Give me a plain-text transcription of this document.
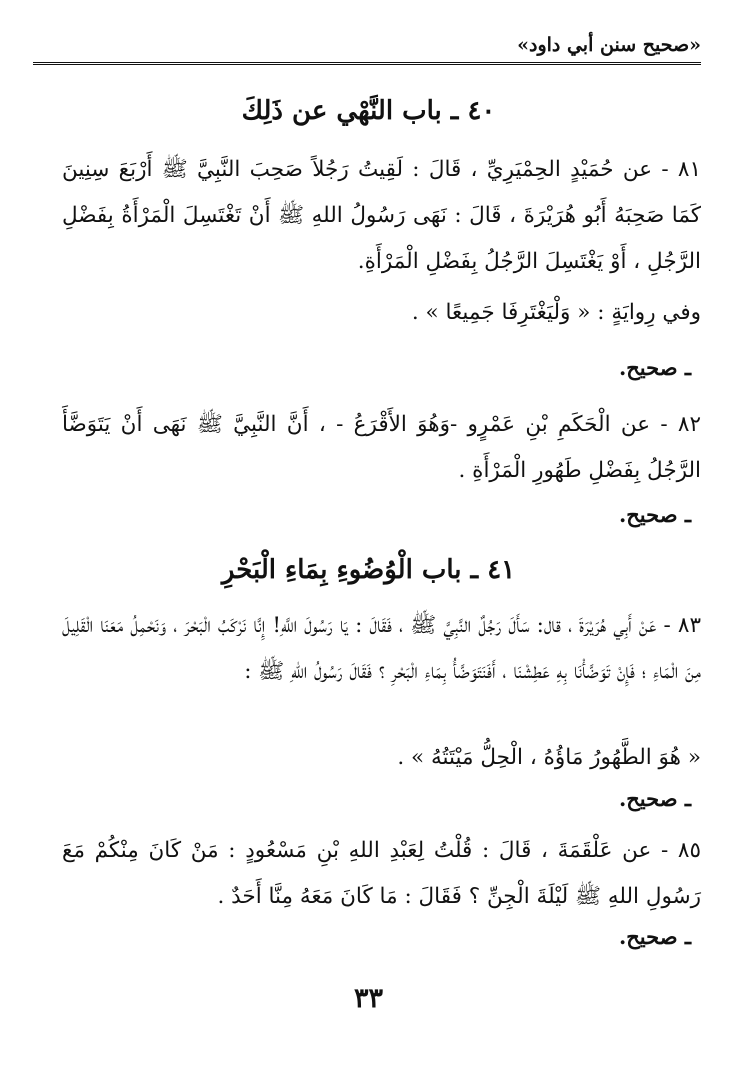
«صحيح سنن أبي داود»
٤٠ ـ باب النَّهْي عن ذَلِكَ
٨١ - عن حُمَيْدٍ الحِمْيَرِيِّ ، قَالَ : لَقِيتُ رَجُلاً صَحِبَ النَّبِيَّ ﷺ أَرْبَعَ سِنِينَ كَمَا صَحِبَهُ أَبُو هُرَيْرَةَ ، قَالَ : نَهَى رَسُولُ اللهِ ﷺ أَنْ تَغْتَسِلَ الْمَرْأَةُ بِفَضْلِ الرَّجُلِ ، أَوْ يَغْتَسِلَ الرَّجُلُ بِفَضْلِ الْمَرْأَةِ.
وفي رِوايَةٍ : « وَلْيَغْتَرِفَا جَمِيعًا » .
ـ صحيح.
٨٢ - عن الْحَكَمِ بْنِ عَمْرٍو -وَهُوَ الأَقْرَعُ - ، أَنَّ النَّبِيَّ ﷺ نَهَى أَنْ يَتَوَضَّأَ الرَّجُلُ بِفَضْلِ طَهُورِ الْمَرْأَةِ .
ـ صحيح.
٤١ ـ باب الْوُضُوءِ بِمَاءِ الْبَحْرِ
٨٣ - عَنْ أَبِي هُرَيْرَةَ ، قال: سَأَلَ رَجُلٌ النَّبِيَّ ﷺ ، فَقَالَ : يَا رَسُولَ اللَّهِ! إِنَّا نَرْكَبُ الْبَحْرَ ، وَنَحْمِلُ مَعَنَا الْقَلِيلَ مِنَ الْمَاءِ ؛ فَإِنْ تَوَضَّأْنَا بِهِ عَطِشْنَا ، أَفَنَتَوَضَّأُ بِمَاءِ الْبَحْرِ ؟ فَقَالَ رَسُولُ اللهِ ﷺ :
« هُوَ الطَّهُورُ مَاؤُهُ ، الْحِلُّ مَيْتَتُهُ » .
ـ صحيح.
٨٥ - عن عَلْقَمَةَ ، قَالَ : قُلْتُ لِعَبْدِ اللهِ بْنِ مَسْعُودٍ : مَنْ كَانَ مِنْكُمْ مَعَ رَسُولِ اللهِ ﷺ لَيْلَةَ الْجِنِّ ؟ فَقَالَ : مَا كَانَ مَعَهُ مِنَّا أَحَدٌ .
ـ صحيح.
٣٣
